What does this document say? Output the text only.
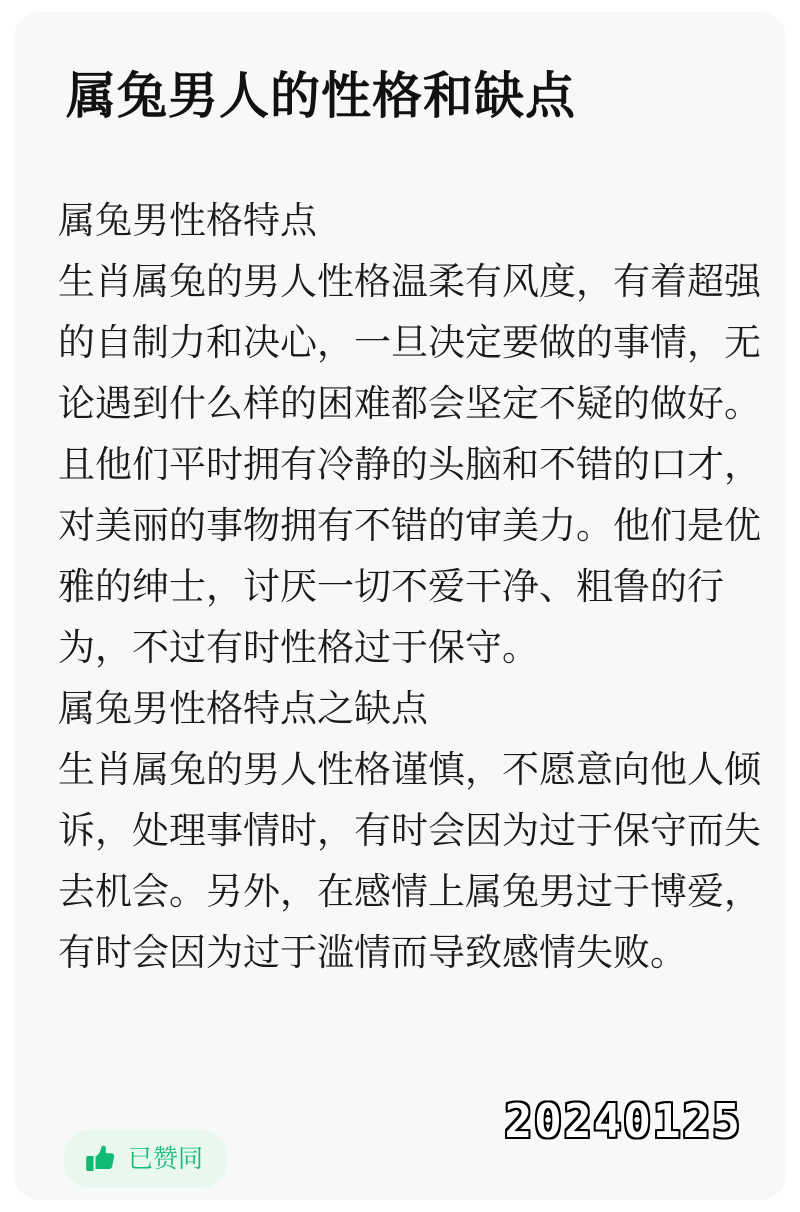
属兔男人的性格和缺点

属兔男性格特点

生肖属兔的男人性格温柔有风度，有着超强的自制力和决心，一旦决定要做的事情，无论遇到什么样的困难都会坚定不疑的做好。且他们平时拥有冷静的头脑和不错的口才，对美丽的事物拥有不错的审美力。他们是优雅的绅士，讨厌一切不爱干净、粗鲁的行为，不过有时性格过于保守。

属兔男性格特点之缺点

生肖属兔的男人性格谨慎，不愿意向他人倾诉，处理事情时，有时会因为过于保守而失去机会。另外，在感情上属兔男过于博爱，有时会因为过于滥情而导致感情失败。

20240125
已赞同
